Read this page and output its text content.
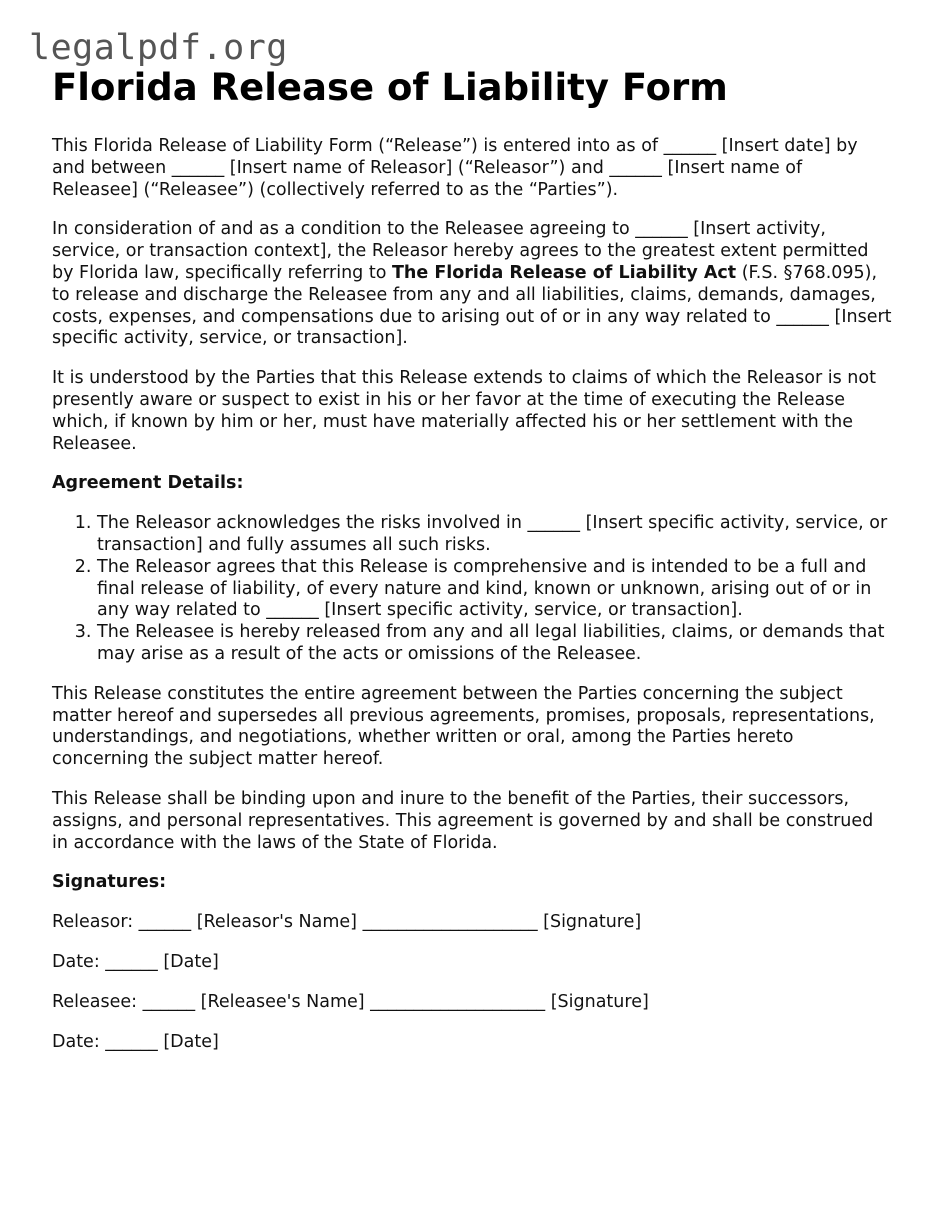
legalpdf.org
Florida Release of Liability Form

This Florida Release of Liability Form (“Release”) is entered into as of ______ [Insert date] by and between ______ [Insert name of Releasor] (“Releasor”) and ______ [Insert name of Releasee] (“Releasee”) (collectively referred to as the “Parties”).

In consideration of and as a condition to the Releasee agreeing to ______ [Insert activity, service, or transaction context], the Releasor hereby agrees to the greatest extent permitted by Florida law, specifically referring to The Florida Release of Liability Act (F.S. §768.095), to release and discharge the Releasee from any and all liabilities, claims, demands, damages, costs, expenses, and compensations due to arising out of or in any way related to ______ [Insert specific activity, service, or transaction].

It is understood by the Parties that this Release extends to claims of which the Releasor is not presently aware or suspect to exist in his or her favor at the time of executing the Release which, if known by him or her, must have materially affected his or her settlement with the Releasee.

Agreement Details:

1. The Releasor acknowledges the risks involved in ______ [Insert specific activity, service, or transaction] and fully assumes all such risks.
2. The Releasor agrees that this Release is comprehensive and is intended to be a full and final release of liability, of every nature and kind, known or unknown, arising out of or in any way related to ______ [Insert specific activity, service, or transaction].
3. The Releasee is hereby released from any and all legal liabilities, claims, or demands that may arise as a result of the acts or omissions of the Releasee.

This Release constitutes the entire agreement between the Parties concerning the subject matter hereof and supersedes all previous agreements, promises, proposals, representations, understandings, and negotiations, whether written or oral, among the Parties hereto concerning the subject matter hereof.

This Release shall be binding upon and inure to the benefit of the Parties, their successors, assigns, and personal representatives. This agreement is governed by and shall be construed in accordance with the laws of the State of Florida.

Signatures:

Releasor: ______ [Releasor's Name] ____________________ [Signature]

Date: ______ [Date]

Releasee: ______ [Releasee's Name] ____________________ [Signature]

Date: ______ [Date]
